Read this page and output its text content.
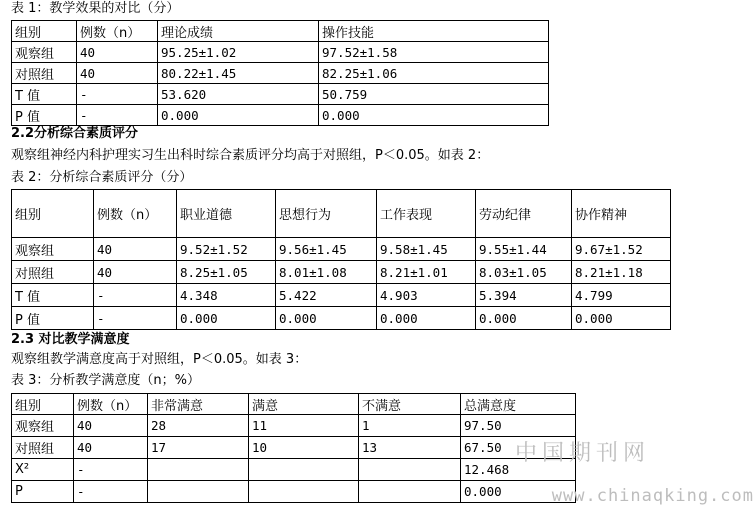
表 1：教学效果的对比（分）
组别	例数（n）	理论成绩	操作技能
观察组	40	95.25±1.02	97.52±1.58
对照组	40	80.22±1.45	82.25±1.06
T 值	-	53.620	50.759
P 值	-	0.000	0.000
2.2分析综合素质评分
观察组神经内科护理实习生出科时综合素质评分均高于对照组，P＜0.05。如表 2：
表 2：分析综合素质评分（分）
组别	例数（n）	职业道德	思想行为	工作表现	劳动纪律	协作精神
观察组	40	9.52±1.52	9.56±1.45	9.58±1.45	9.55±1.44	9.67±1.52
对照组	40	8.25±1.05	8.01±1.08	8.21±1.01	8.03±1.05	8.21±1.18
T 值	-	4.348	5.422	4.903	5.394	4.799
P 值	-	0.000	0.000	0.000	0.000	0.000
2.3 对比教学满意度
观察组教学满意度高于对照组，P＜0.05。如表 3：
表 3：分析教学满意度（n；%）
组别	例数（n）	非常满意	满意	不满意	总满意度
观察组	40	28	11	1	97.50
对照组	40	17	10	13	67.50
X²	-				12.468
P	-				0.000
中国期刊网
www.chinaqking.com
